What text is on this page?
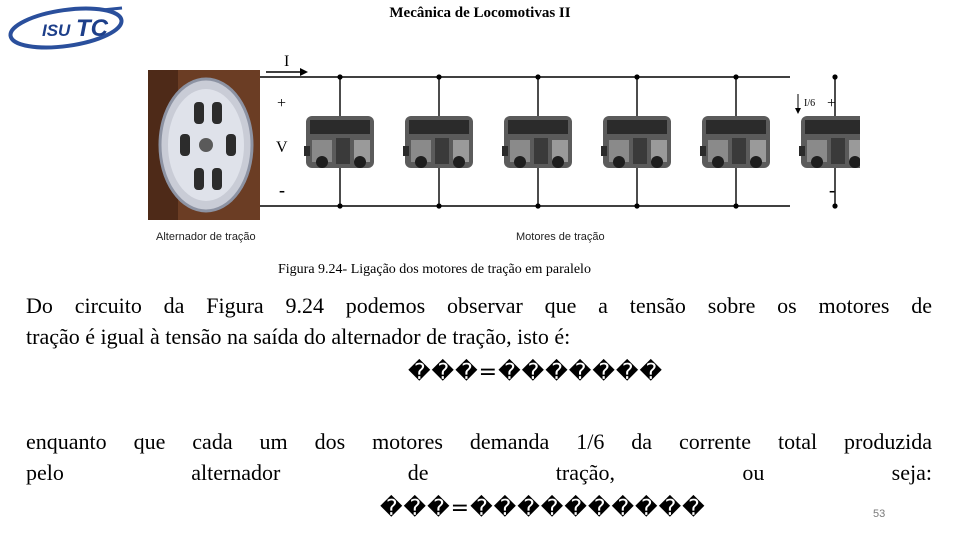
ISU TC
Mecânica de Locomotivas II
Alternador de tração
I
+
V
-
+
-
I/6
Motores de tração
Figura 9.24- Ligação dos motores de tração em paralelo
Do circuito da Figura 9.24 podemos observar que a tensão sobre os motores de
tração é igual à tensão na saída do alternador de tração, isto é:
���=�������
enquanto que cada um dos motores demanda 1/6 da corrente total produzida
pelo alternador de tração, ou seja:
���=����������	53
